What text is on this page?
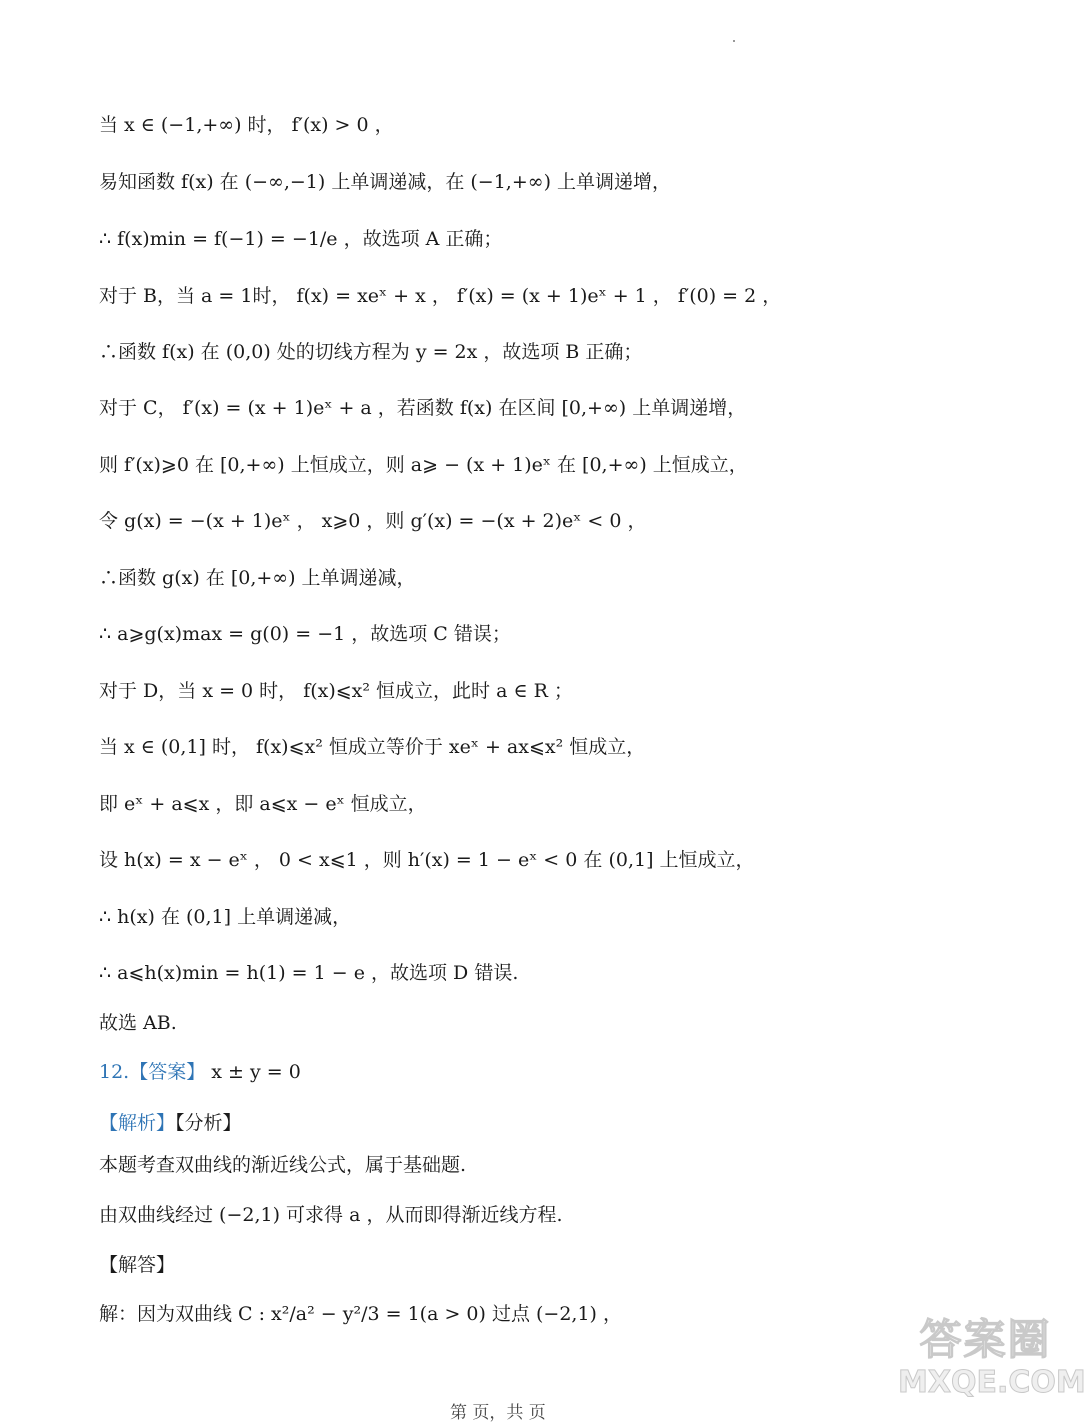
当 x ∈ (−1,+∞) 时， f′(x) > 0 ，
易知函数 f(x) 在 (−∞,−1) 上单调递减，在 (−1,+∞) 上单调递增，
∴ f(x)min = f(−1) = −1/e ，故选项 A 正确；
对于 B，当 a = 1时， f(x) = xeˣ + x ， f′(x) = (x + 1)eˣ + 1 ， f′(0) = 2 ，
∴函数 f(x) 在 (0,0) 处的切线方程为 y = 2x ，故选项 B 正确；
对于 C， f′(x) = (x + 1)eˣ + a ，若函数 f(x) 在区间 [0,+∞) 上单调递增，
则 f′(x)⩾0 在 [0,+∞) 上恒成立，则 a⩾ − (x + 1)eˣ 在 [0,+∞) 上恒成立，
令 g(x) = −(x + 1)eˣ ， x⩾0 ，则 g′(x) = −(x + 2)eˣ < 0 ，
∴函数 g(x) 在 [0,+∞) 上单调递减，
∴ a⩾g(x)max = g(0) = −1 ，故选项 C 错误；
对于 D，当 x = 0 时， f(x)⩽x² 恒成立，此时 a ∈ R ；
当 x ∈ (0,1] 时， f(x)⩽x² 恒成立等价于 xeˣ + ax⩽x² 恒成立，
即 eˣ + a⩽x ，即 a⩽x − eˣ 恒成立，
设 h(x) = x − eˣ ， 0 < x⩽1 ，则 h′(x) = 1 − eˣ < 0 在 (0,1] 上恒成立，
∴ h(x) 在 (0,1] 上单调递减，
∴ a⩽h(x)min = h(1) = 1 − e ，故选项 D 错误.
故选 AB.
12.【答案】 x ± y = 0
【解析】【分析】
本题考查双曲线的渐近线公式，属于基础题.
由双曲线经过 (−2,1) 可求得 a ，从而即得渐近线方程.
【解答】
解：因为双曲线 C : x²/a² − y²/3 = 1(a > 0) 过点 (−2,1) ，
第 页，共 页
答案圈
MXQE.COM
